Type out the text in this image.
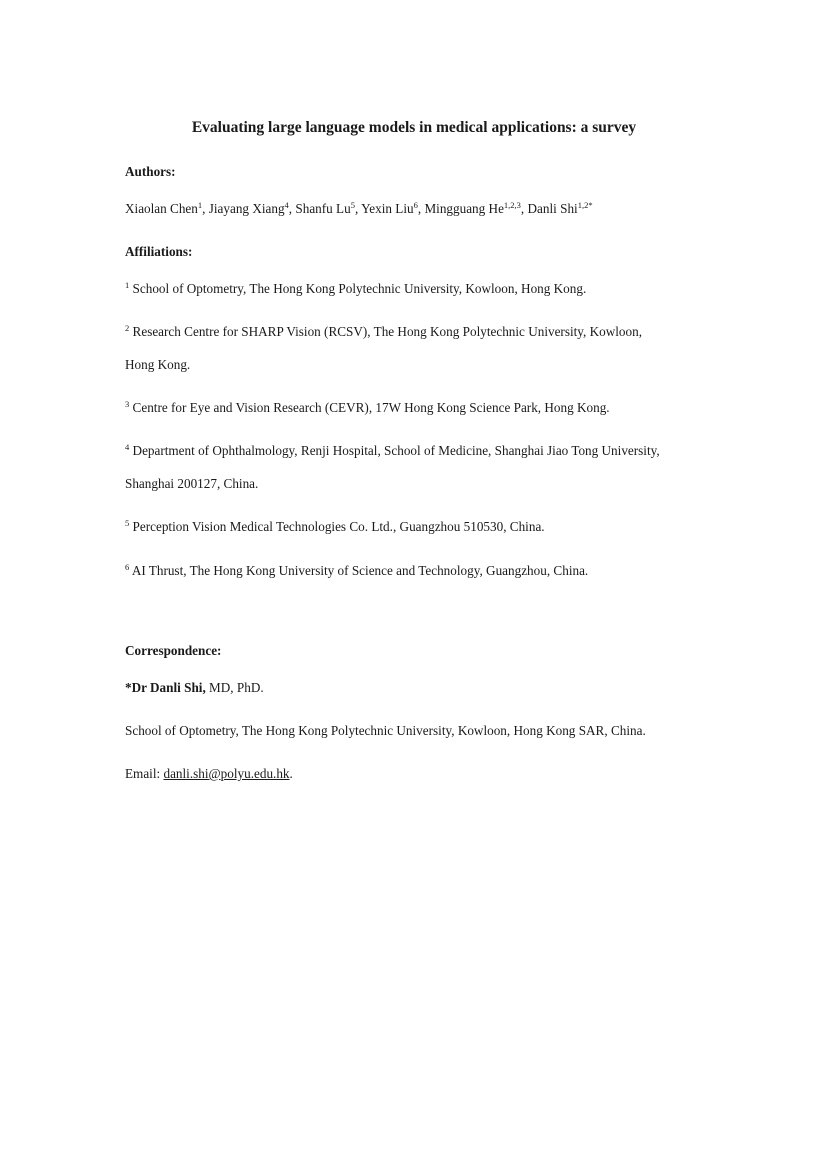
Evaluating large language models in medical applications: a survey
Authors:
Xiaolan Chen$^1$, Jiayang Xiang$^4$, Shanfu Lu$^5$, Yexin Liu$^6$, Mingguang He$^{1,2,3}$, Danli Shi$^{1,2*}$
Affiliations:
$^1$ School of Optometry, The Hong Kong Polytechnic University, Kowloon, Hong Kong.
$^2$ Research Centre for SHARP Vision (RCSV), The Hong Kong Polytechnic University, Kowloon,
Hong Kong.
$^3$ Centre for Eye and Vision Research (CEVR), 17W Hong Kong Science Park, Hong Kong.
$^4$ Department of Ophthalmology, Renji Hospital, School of Medicine, Shanghai Jiao Tong University,
Shanghai 200127, China.
$^5$ Perception Vision Medical Technologies Co. Ltd., Guangzhou 510530, China.
$^6$ AI Thrust, The Hong Kong University of Science and Technology, Guangzhou, China.
Correspondence:
*Dr Danli Shi, MD, PhD.
School of Optometry, The Hong Kong Polytechnic University, Kowloon, Hong Kong SAR, China.
Email: danli.shi@polyu.edu.hk.
